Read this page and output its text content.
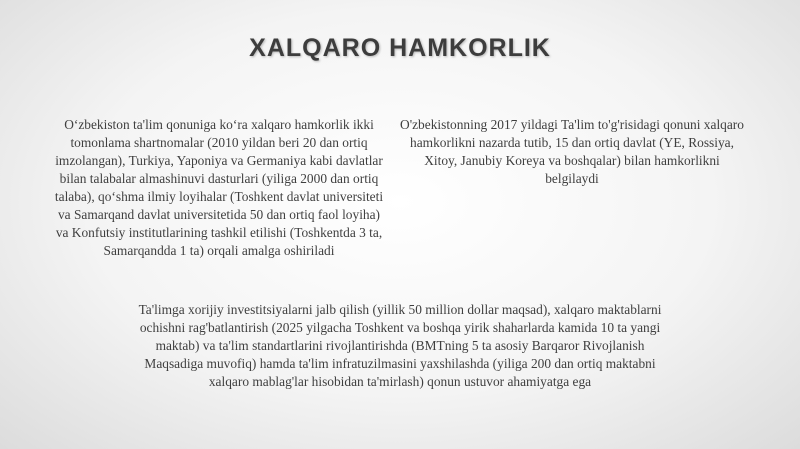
XALQARO HAMKORLIK
O‘zbekiston ta'lim qonuniga ko‘ra xalqaro hamkorlik ikki tomonlama shartnomalar (2010 yildan beri 20 dan ortiq imzolangan), Turkiya, Yaponiya va Germaniya kabi davlatlar bilan talabalar almashinuvi dasturlari (yiliga 2000 dan ortiq talaba), qo‘shma ilmiy loyihalar (Toshkent davlat universiteti va Samarqand davlat universitetida 50 dan ortiq faol loyiha) va Konfutsiy institutlarining tashkil etilishi (Toshkentda 3 ta, Samarqandda 1 ta) orqali amalga oshiriladi
O'zbekistonning 2017 yildagi Ta'lim to'g'risidagi qonuni xalqaro hamkorlikni nazarda tutib, 15 dan ortiq davlat (YE, Rossiya, Xitoy, Janubiy Koreya va boshqalar) bilan hamkorlikni belgilaydi
Ta'limga xorijiy investitsiyalarni jalb qilish (yillik 50 million dollar maqsad), xalqaro maktablarni ochishni rag'batlantirish (2025 yilgacha Toshkent va boshqa yirik shaharlarda kamida 10 ta yangi maktab) va ta'lim standartlarini rivojlantirishda (BMTning 5 ta asosiy Barqaror Rivojlanish Maqsadiga muvofiq) hamda ta'lim infratuzilmasini yaxshilashda (yiliga 200 dan ortiq maktabni xalqaro mablag'lar hisobidan ta'mirlash) qonun ustuvor ahamiyatga ega
